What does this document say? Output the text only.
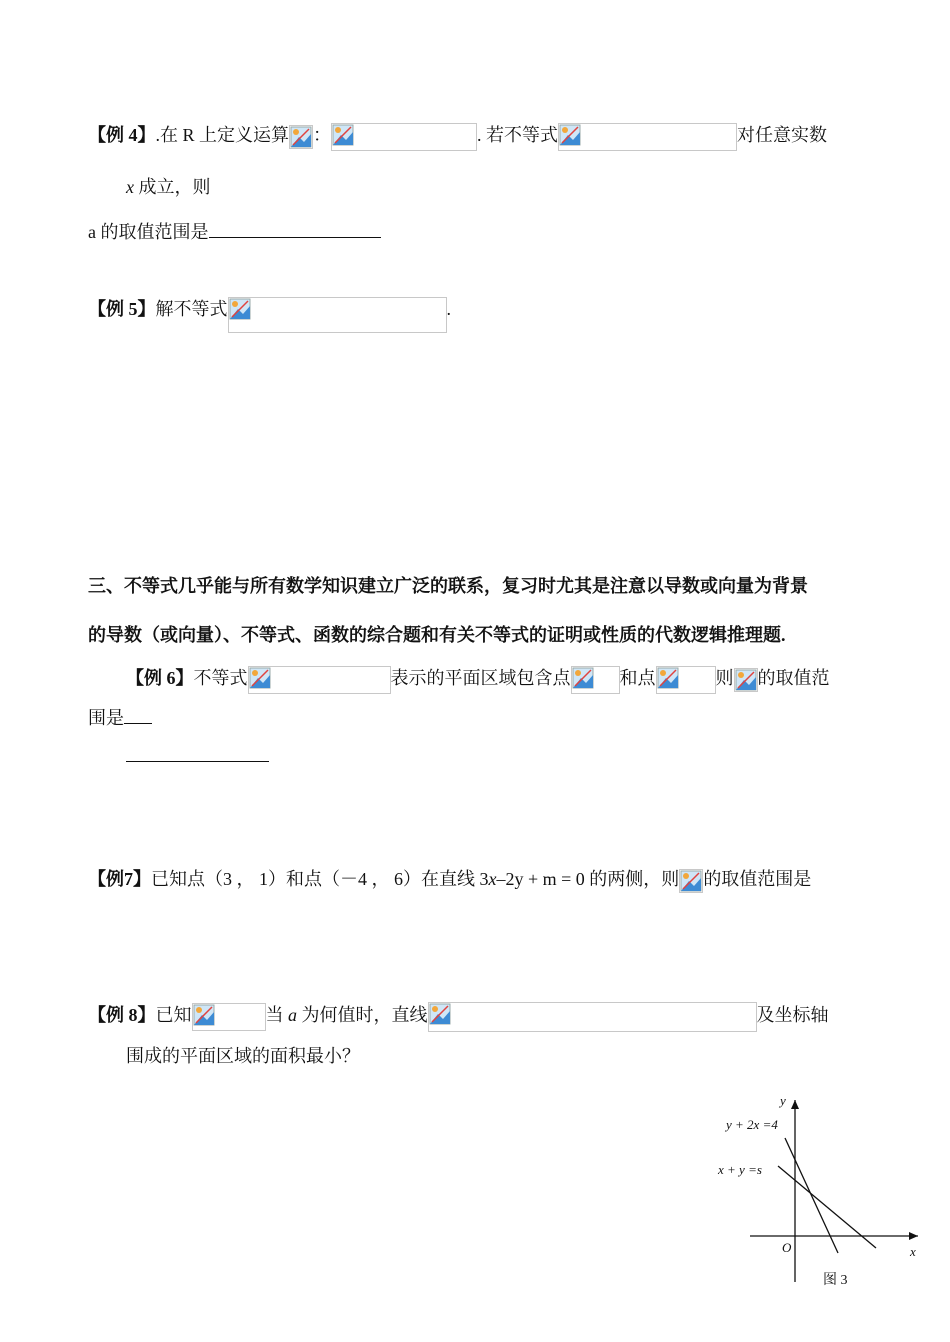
【例 4】.在 R 上定义运算 ：	. 若不等式	对任意实数
x 成立，则
a 的取值范围是
【例 5】解不等式	.
三、不等式几乎能与所有数学知识建立广泛的联系，复习时尤其是注意以导数或向量为背景
的导数（或向量）、不等式、函数的综合题和有关不等式的证明或性质的代数逻辑推理题.
【例 6】不等式	表示的平面区域包含点	和点	则 的取值范
围是
【例7】已知点（3 ， 1）和点（－4 ， 6）在直线 3x–2y + m = 0 的两侧，则 的取值范围是
【例 8】已知	当 a 为何值时，直线	及坐标轴
围成的平面区域的面积最小？
y
x
O
y + 2x =4
x + y =s
图 3
